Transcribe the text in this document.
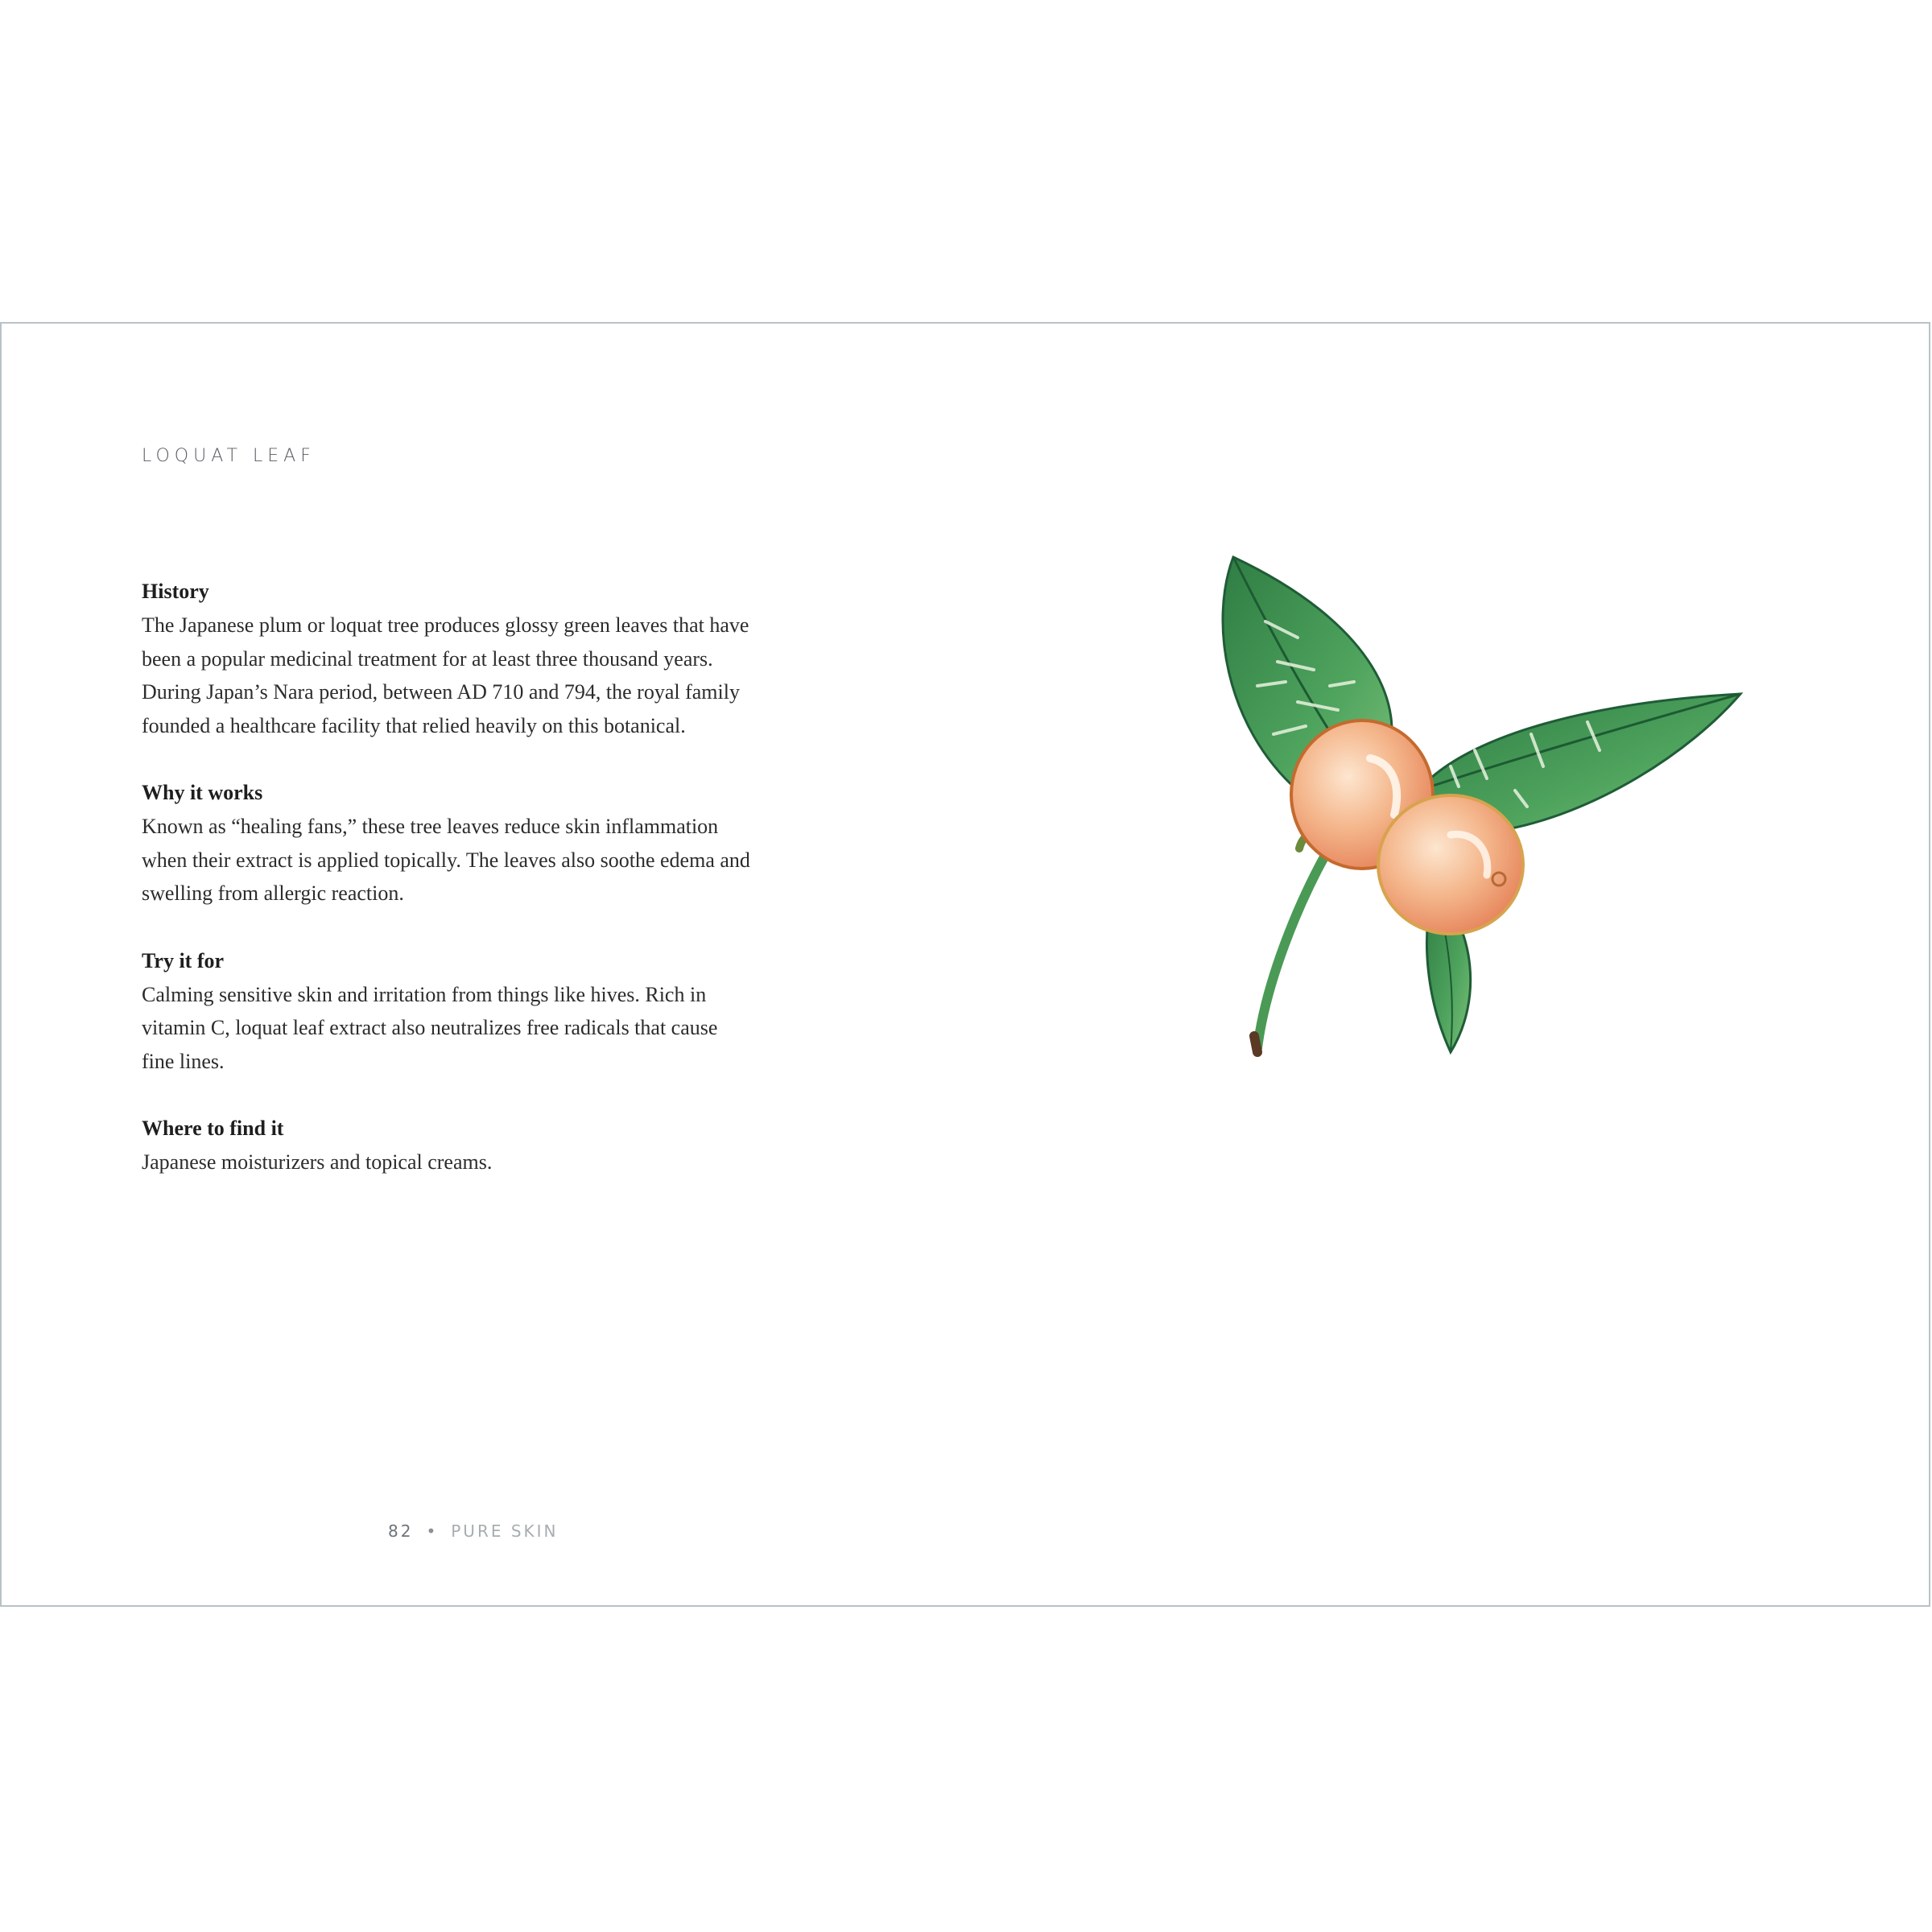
LOQUAT LEAF
History

The Japanese plum or loquat tree produces glossy green leaves that have
been a popular medicinal treatment for at least three thousand years.
During Japan’s Nara period, between AD 710 and 794, the royal family
founded a healthcare facility that relied heavily on this botanical.

Why it works

Known as “healing fans,” these tree leaves reduce skin inflammation
when their extract is applied topically. The leaves also soothe edema and
swelling from allergic reaction.

Try it for

Calming sensitive skin and irritation from things like hives. Rich in
vitamin C, loquat leaf extract also neutralizes free radicals that cause
fine lines.

Where to find it

Japanese moisturizers and topical creams.

82 • PURE SKIN
